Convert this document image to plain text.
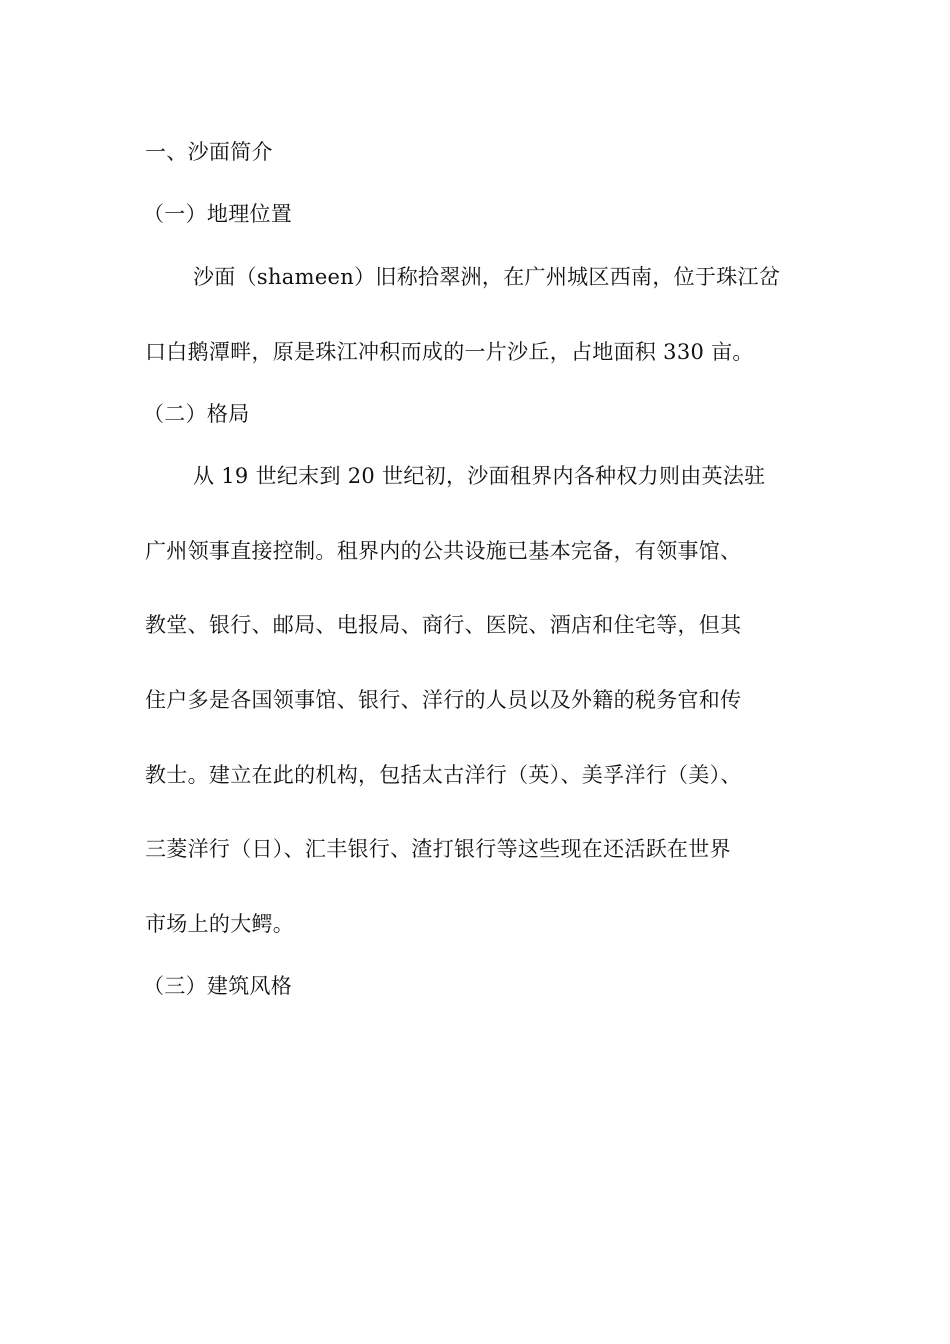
一、沙面简介
（一）地理位置
沙面（shameen）旧称拾翠洲，在广州城区西南，位于珠江岔
口白鹅潭畔，原是珠江冲积而成的一片沙丘，占地面积 330 亩。
（二）格局
从 19 世纪末到 20 世纪初，沙面租界内各种权力则由英法驻
广州领事直接控制。租界内的公共设施已基本完备，有领事馆、
教堂、银行、邮局、电报局、商行、医院、酒店和住宅等，但其
住户多是各国领事馆、银行、洋行的人员以及外籍的税务官和传
教士。建立在此的机构，包括太古洋行（英）、美孚洋行（美）、
三菱洋行（日）、汇丰银行、渣打银行等这些现在还活跃在世界
市场上的大鳄。
（三）建筑风格
